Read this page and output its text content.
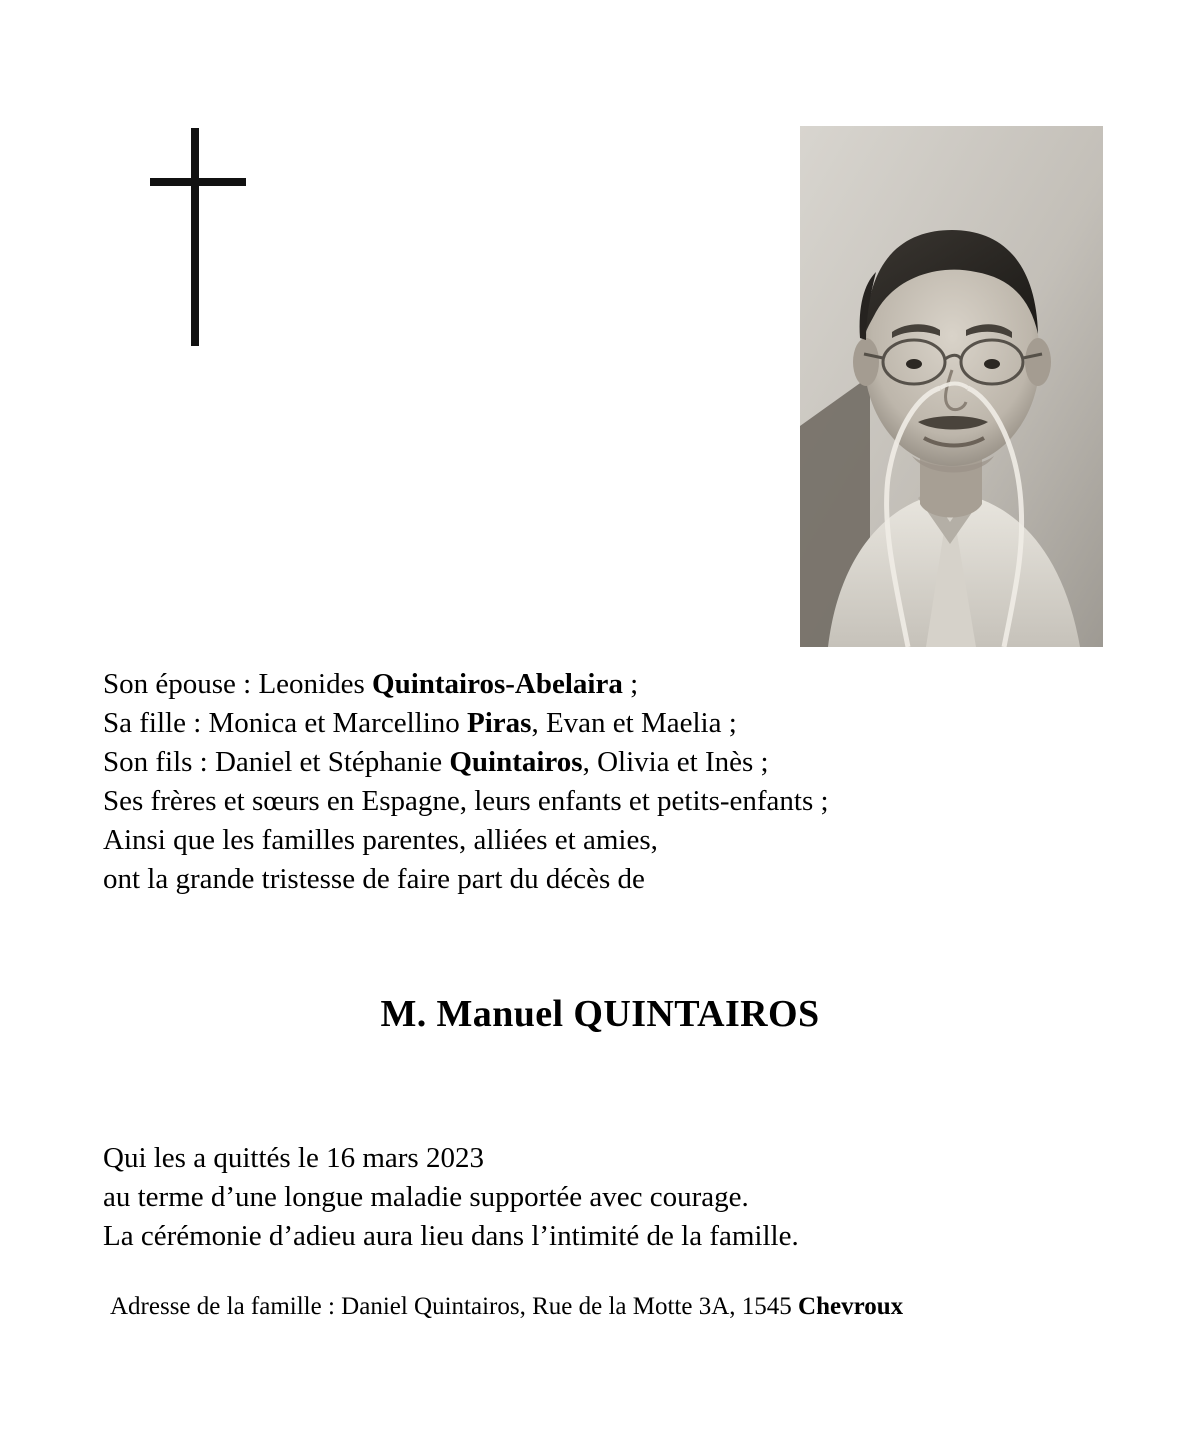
Son épouse : Leonides Quintairos-Abelaira ;
Sa fille : Monica et Marcellino Piras, Evan et Maelia ;
Son fils : Daniel et Stéphanie Quintairos, Olivia et Inès ;
Ses frères et sœurs en Espagne, leurs enfants et petits-enfants ;
Ainsi que les familles parentes, alliées et amies,
ont la grande tristesse de faire part du décès de
M. Manuel QUINTAIROS
Qui les a quittés le 16 mars 2023
au terme d’une longue maladie supportée avec courage.
La cérémonie d’adieu aura lieu dans l’intimité de la famille.
Adresse de la famille : Daniel Quintairos, Rue de la Motte 3A, 1545 Chevroux
